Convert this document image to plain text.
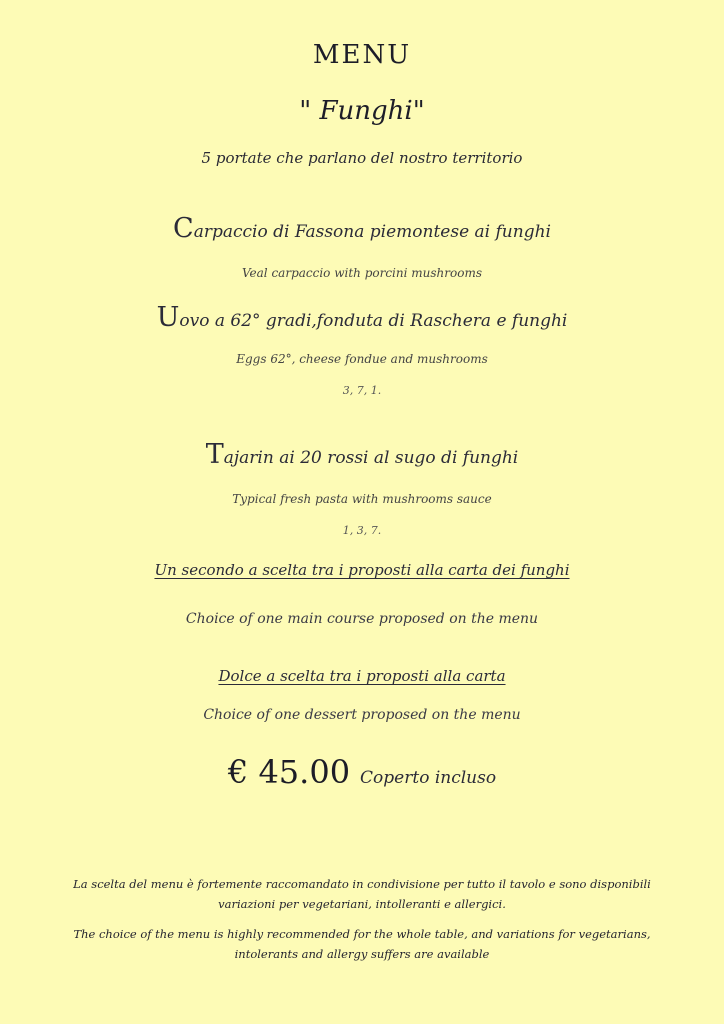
MENU
" Funghi"
5 portate che parlano del nostro territorio
Carpaccio di Fassona piemontese ai funghi
Veal carpaccio with porcini mushrooms
Uovo a 62° gradi,fonduta di Raschera e funghi
Eggs 62°, cheese fondue and mushrooms
3, 7, 1.
Tajarin ai 20 rossi al sugo di funghi
Typical fresh pasta with mushrooms sauce
1, 3, 7.
Un secondo a scelta tra i proposti alla carta dei funghi
Choice of one main course proposed on the menu
Dolce a scelta tra i proposti alla carta
Choice of one dessert proposed on the menu
€ 45.00 Coperto incluso
La scelta del menu è fortemente raccomandato in condivisione per tutto il tavolo e sono disponibili
variazioni per vegetariani, intolleranti e allergici.
The choice of the menu is highly recommended for the whole table, and variations for vegetarians,
intolerants and allergy suffers are available
